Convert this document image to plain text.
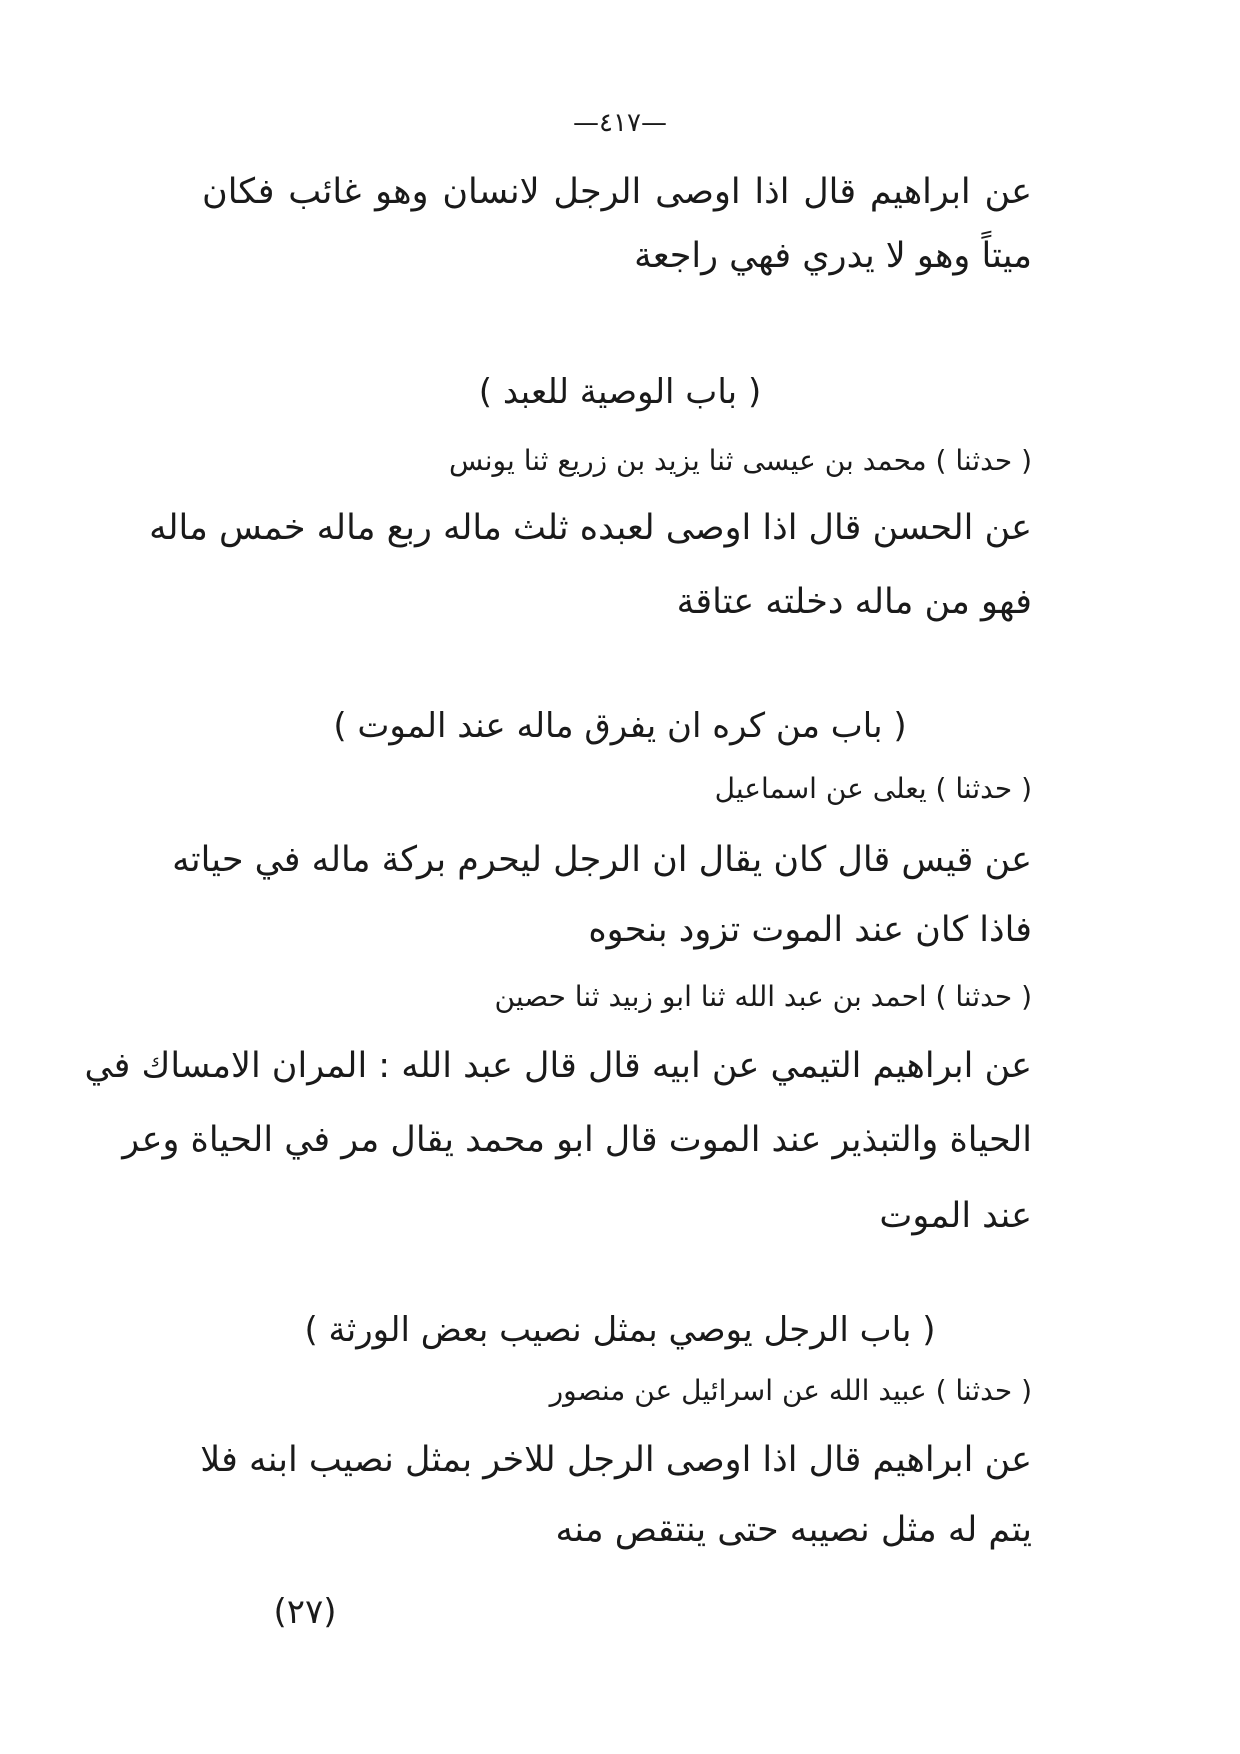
—٤١٧—
عن ابراهيم قال اذا اوصى الرجل لانسان وهو غائب فكان
ميتاً وهو لا يدري فهي راجعة
( باب الوصية للعبد )
( حدثنا ) محمد بن عيسى ثنا يزيد بن زريع ثنا يونس
عن الحسن قال اذا اوصى لعبده ثلث ماله ربع ماله خمس ماله
فهو من ماله دخلته عتاقة
( باب من كره ان يفرق ماله عند الموت )
( حدثنا ) يعلى عن اسماعيل
عن قيس قال كان يقال ان الرجل ليحرم بركة ماله في حياته
فاذا كان عند الموت تزود بنحوه
( حدثنا ) احمد بن عبد الله ثنا ابو زبيد ثنا حصين
عن ابراهيم التيمي عن ابيه قال قال عبد الله : المران الامساك في
الحياة والتبذير عند الموت قال ابو محمد يقال مر في الحياة وعر
عند الموت
( باب الرجل يوصي بمثل نصيب بعض الورثة )
( حدثنا ) عبيد الله عن اسرائيل عن منصور
عن ابراهيم قال اذا اوصى الرجل للاخر بمثل نصيب ابنه فلا
يتم له مثل نصيبه حتى ينتقص منه
(٢٧)
